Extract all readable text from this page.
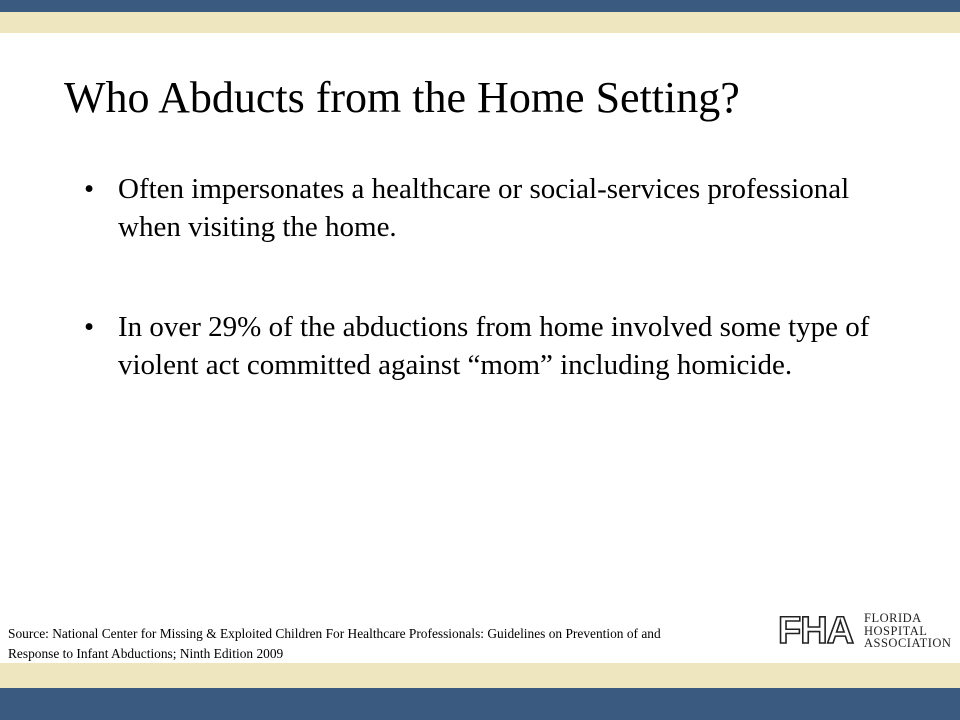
Who Abducts from the Home Setting?
• Often impersonates a healthcare or social-services professional when visiting the home.
• In over 29% of the abductions from home involved some type of violent act committed against “mom” including homicide.
Source: National Center for Missing & Exploited Children For Healthcare Professionals: Guidelines on Prevention of and Response to Infant Abductions; Ninth Edition 2009
FHA FLORIDA
HOSPITAL
ASSOCIATION
